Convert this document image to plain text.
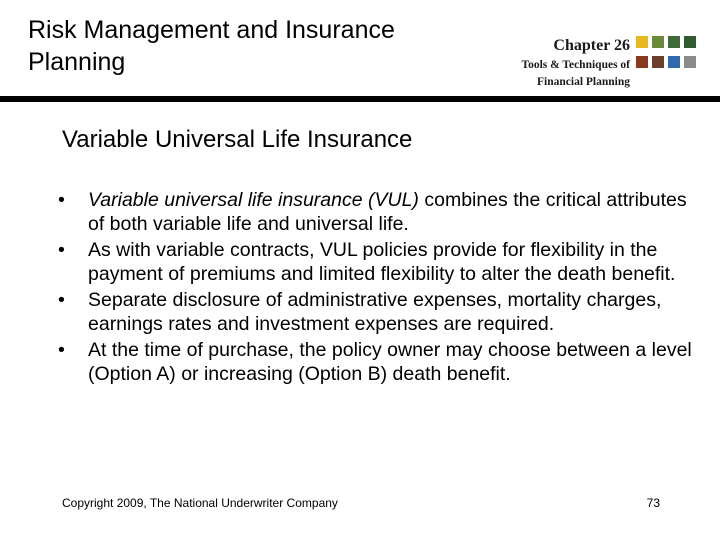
Risk Management and Insurance Planning
Chapter 26
Tools & Techniques of
Financial Planning
Variable Universal Life Insurance
• Variable universal life insurance (VUL) combines the critical attributes of both variable life and universal life.
• As with variable contracts, VUL policies provide for flexibility in the payment of premiums and limited flexibility to alter the death benefit.
• Separate disclosure of administrative expenses, mortality charges, earnings rates and investment expenses are required.
• At the time of purchase, the policy owner may choose between a level (Option A) or increasing (Option B) death benefit.
Copyright 2009, The National Underwriter Company	73
